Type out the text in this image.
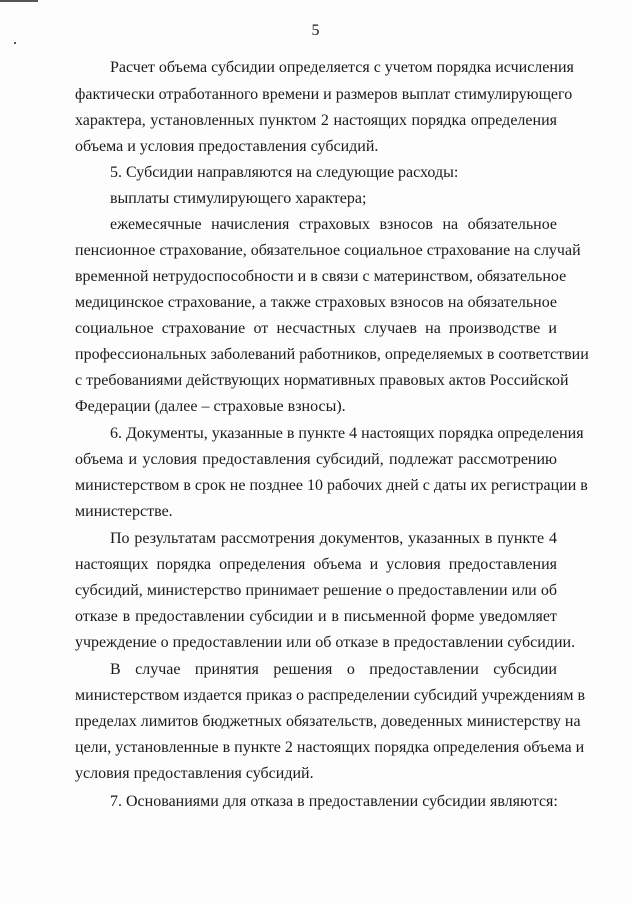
5
Расчет объема субсидии определяется с учетом порядка исчисления
фактически отработанного времени и размеров выплат стимулирующего
характера, установленных пунктом 2 настоящих порядка определения
объема и условия предоставления субсидий.
5. Субсидии направляются на следующие расходы:
выплаты стимулирующего характера;
ежемесячные начисления страховых взносов на обязательное
пенсионное страхование, обязательное социальное страхование на случай
временной нетрудоспособности и в связи с материнством, обязательное
медицинское страхование, а также страховых взносов на обязательное
социальное страхование от несчастных случаев на производстве и
профессиональных заболеваний работников, определяемых в соответствии
с требованиями действующих нормативных правовых актов Российской
Федерации (далее – страховые взносы).
6. Документы, указанные в пункте 4 настоящих порядка определения
объема и условия предоставления субсидий, подлежат рассмотрению
министерством в срок не позднее 10 рабочих дней с даты их регистрации в
министерстве.
По результатам рассмотрения документов, указанных в пункте 4
настоящих порядка определения объема и условия предоставления
субсидий, министерство принимает решение о предоставлении или об
отказе в предоставлении субсидии и в письменной форме уведомляет
учреждение о предоставлении или об отказе в предоставлении субсидии.
В случае принятия решения о предоставлении субсидии
министерством издается приказ о распределении субсидий учреждениям в
пределах лимитов бюджетных обязательств, доведенных министерству на
цели, установленные в пункте 2 настоящих порядка определения объема и
условия предоставления субсидий.
7. Основаниями для отказа в предоставлении субсидии являются:
